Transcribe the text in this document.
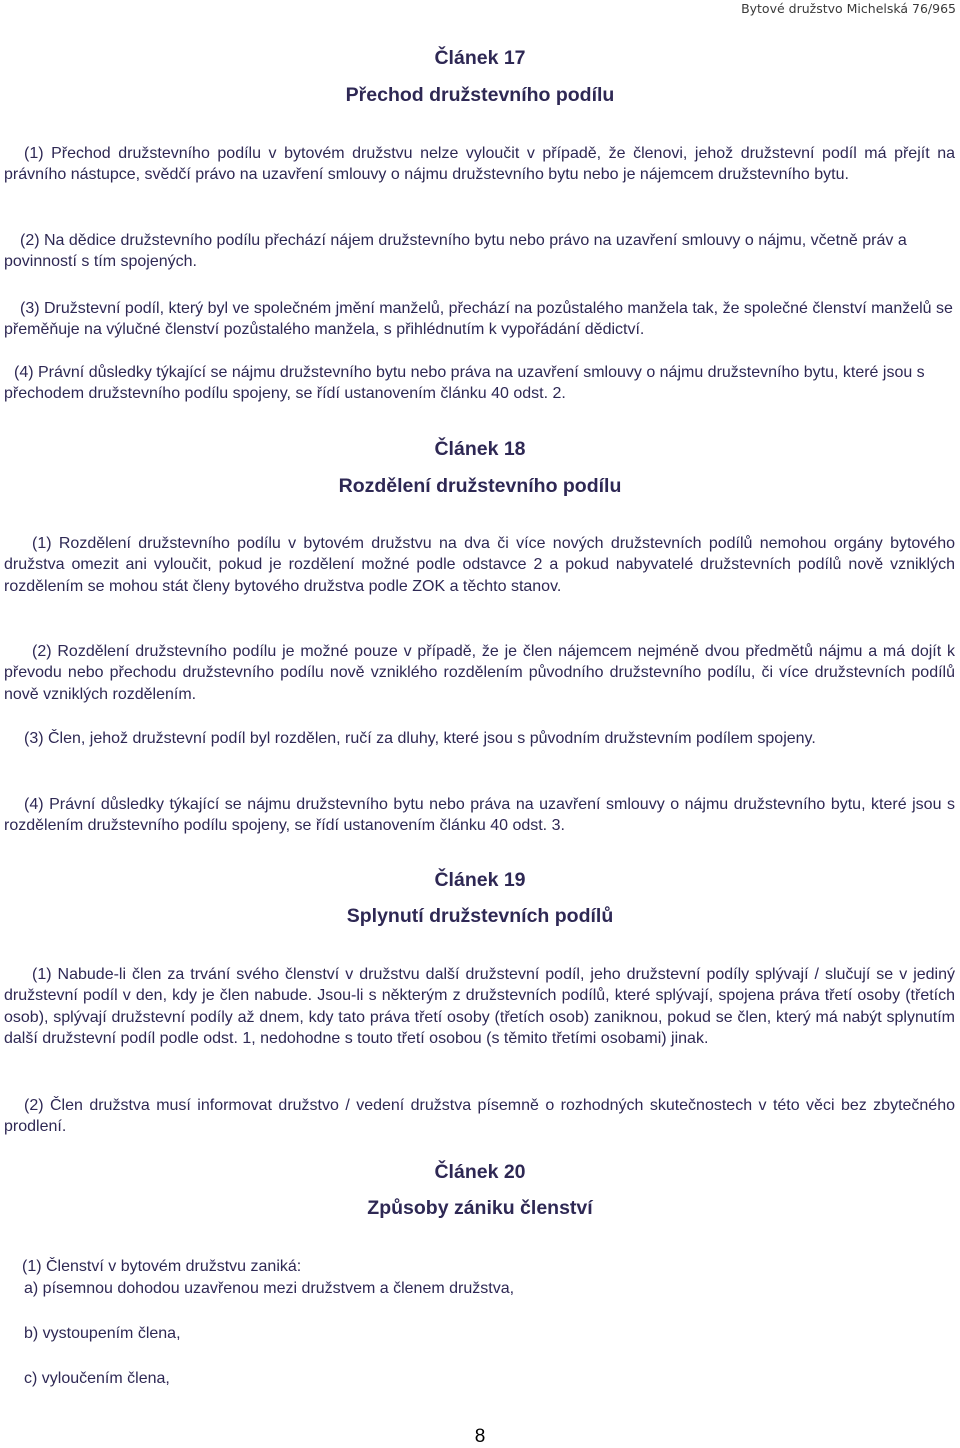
Bytové družstvo Michelská 76/965
Článek 17
Přechod družstevního podílu
(1) Přechod družstevního podílu v bytovém družstvu nelze vyloučit v případě, že členovi, jehož družstevní podíl má přejít na právního nástupce, svědčí právo na uzavření smlouvy o nájmu družstevního bytu nebo je nájemcem družstevního bytu.
(2) Na dědice družstevního podílu přechází nájem družstevního bytu nebo právo na uzavření smlouvy o nájmu, včetně práv a povinností s tím spojených.
(3) Družstevní podíl, který byl ve společném jmění manželů, přechází na pozůstalého manžela tak, že společné členství manželů se přeměňuje na výlučné členství pozůstalého manžela, s přihlédnutím k vypořádání dědictví.
(4) Právní důsledky týkající se nájmu družstevního bytu nebo práva na uzavření smlouvy o nájmu družstevního bytu, které jsou s přechodem družstevního podílu spojeny, se řídí ustanovením článku 40 odst. 2.
Článek 18
Rozdělení družstevního podílu
(1) Rozdělení družstevního podílu v bytovém družstvu na dva či více nových družstevních podílů nemohou orgány bytového družstva omezit ani vyloučit, pokud je rozdělení možné podle odstavce 2 a pokud nabyvatelé družstevních podílů nově vzniklých rozdělením se mohou stát členy bytového družstva podle ZOK a těchto stanov.
(2) Rozdělení družstevního podílu je možné pouze v případě, že je člen nájemcem nejméně dvou předmětů nájmu a má dojít k převodu nebo přechodu družstevního podílu nově vzniklého rozdělením původního družstevního podílu, či více družstevních podílů nově vzniklých rozdělením.
(3) Člen, jehož družstevní podíl byl rozdělen, ručí za dluhy, které jsou s původním družstevním podílem spojeny.
(4) Právní důsledky týkající se nájmu družstevního bytu nebo práva na uzavření smlouvy o nájmu družstevního bytu, které jsou s rozdělením družstevního podílu spojeny, se řídí ustanovením článku 40 odst. 3.
Článek 19
Splynutí družstevních podílů
(1) Nabude-li člen za trvání svého členství v družstvu další družstevní podíl, jeho družstevní podíly splývají / slučují se v jediný družstevní podíl v den, kdy je člen nabude. Jsou-li s některým z družstevních podílů, které splývají, spojena práva třetí osoby (třetích osob), splývají družstevní podíly až dnem, kdy tato práva třetí osoby (třetích osob) zaniknou, pokud se člen, který má nabýt splynutím další družstevní podíl podle odst. 1, nedohodne s touto třetí osobou (s těmito třetími osobami) jinak.
(2) Člen družstva musí informovat družstvo / vedení družstva písemně o rozhodných skutečnostech v této věci bez zbytečného prodlení.
Článek 20
Způsoby zániku členství
(1) Členství v bytovém družstvu zaniká:
a) písemnou dohodou uzavřenou mezi družstvem a členem družstva,
b) vystoupením člena,
c) vyloučením člena,
8
